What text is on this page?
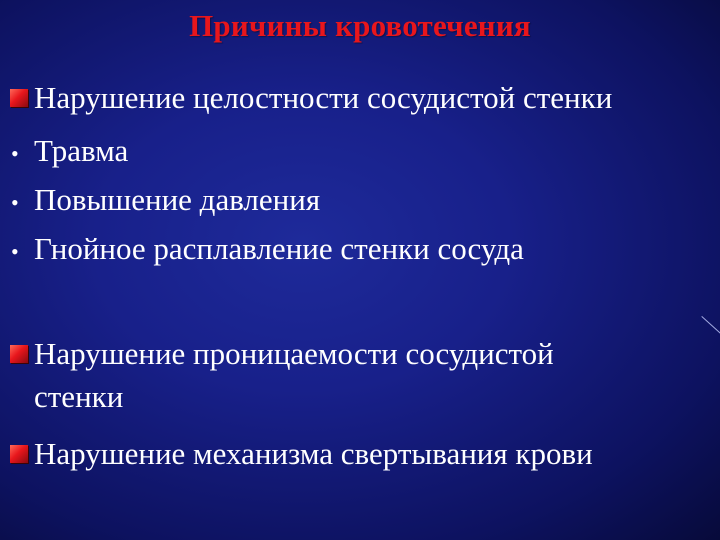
Причины кровотечения
Нарушение целостности сосудистой стенки
• Травма
• Повышение давления
• Гнойное расплавление стенки сосуда
Нарушение проницаемости сосудистой
стенки
Нарушение механизма свертывания крови
